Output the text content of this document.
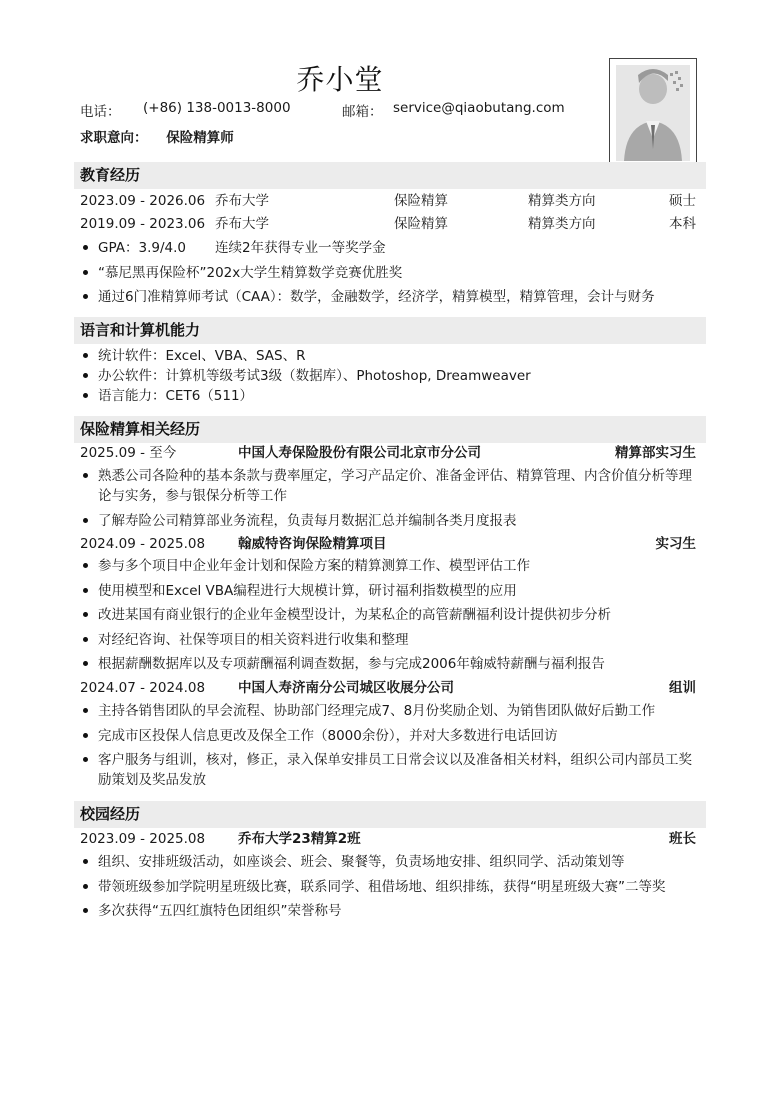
乔小堂
电话： (+86) 138-0013-8000	邮箱： service@qiaobutang.com
求职意向： 保险精算师
教育经历
2023.09 - 2026.06 乔布大学	保险精算	精算类方向	硕士
2019.09 - 2023.06 乔布大学	保险精算	精算类方向	本科
GPA：3.9/4.0 连续2年获得专业一等奖学金
“慕尼黑再保险杯”202x大学生精算数学竞赛优胜奖
通过6门准精算师考试（CAA）：数学，金融数学，经济学，精算模型，精算管理，会计与财务
语言和计算机能力
统计软件：Excel、VBA、SAS、R
办公软件：计算机等级考试3级（数据库）、Photoshop, Dreamweaver
语言能力：CET6（511）
保险精算相关经历
2025.09 - 至今	中国人寿保险股份有限公司北京市分公司	精算部实习生
熟悉公司各险种的基本条款与费率厘定，学习产品定价、准备金评估、精算管理、内含价值分析等理论与实务，参与银保分析等工作
了解寿险公司精算部业务流程，负责每月数据汇总并编制各类月度报表
2024.09 - 2025.08 翰威特咨询保险精算项目	实习生
参与多个项目中企业年金计划和保险方案的精算测算工作、模型评估工作
使用模型和Excel VBA编程进行大规模计算，研讨福利指数模型的应用
改进某国有商业银行的企业年金模型设计，为某私企的高管薪酬福利设计提供初步分析
对经纪咨询、社保等项目的相关资料进行收集和整理
根据薪酬数据库以及专项薪酬福利调查数据，参与完成2006年翰威特薪酬与福利报告
2024.07 - 2024.08 中国人寿济南分公司城区收展分公司	组训
主持各销售团队的早会流程、协助部门经理完成7、8月份奖励企划、为销售团队做好后勤工作
完成市区投保人信息更改及保全工作（8000余份），并对大多数进行电话回访
客户服务与组训，核对，修正，录入保单安排员工日常会议以及准备相关材料，组织公司内部员工奖励策划及奖品发放
校园经历
2023.09 - 2025.08 乔布大学23精算2班	班长
组织、安排班级活动，如座谈会、班会、聚餐等，负责场地安排、组织同学、活动策划等
带领班级参加学院明星班级比赛，联系同学、租借场地、组织排练，获得“明星班级大赛”二等奖
多次获得“五四红旗特色团组织”荣誉称号
